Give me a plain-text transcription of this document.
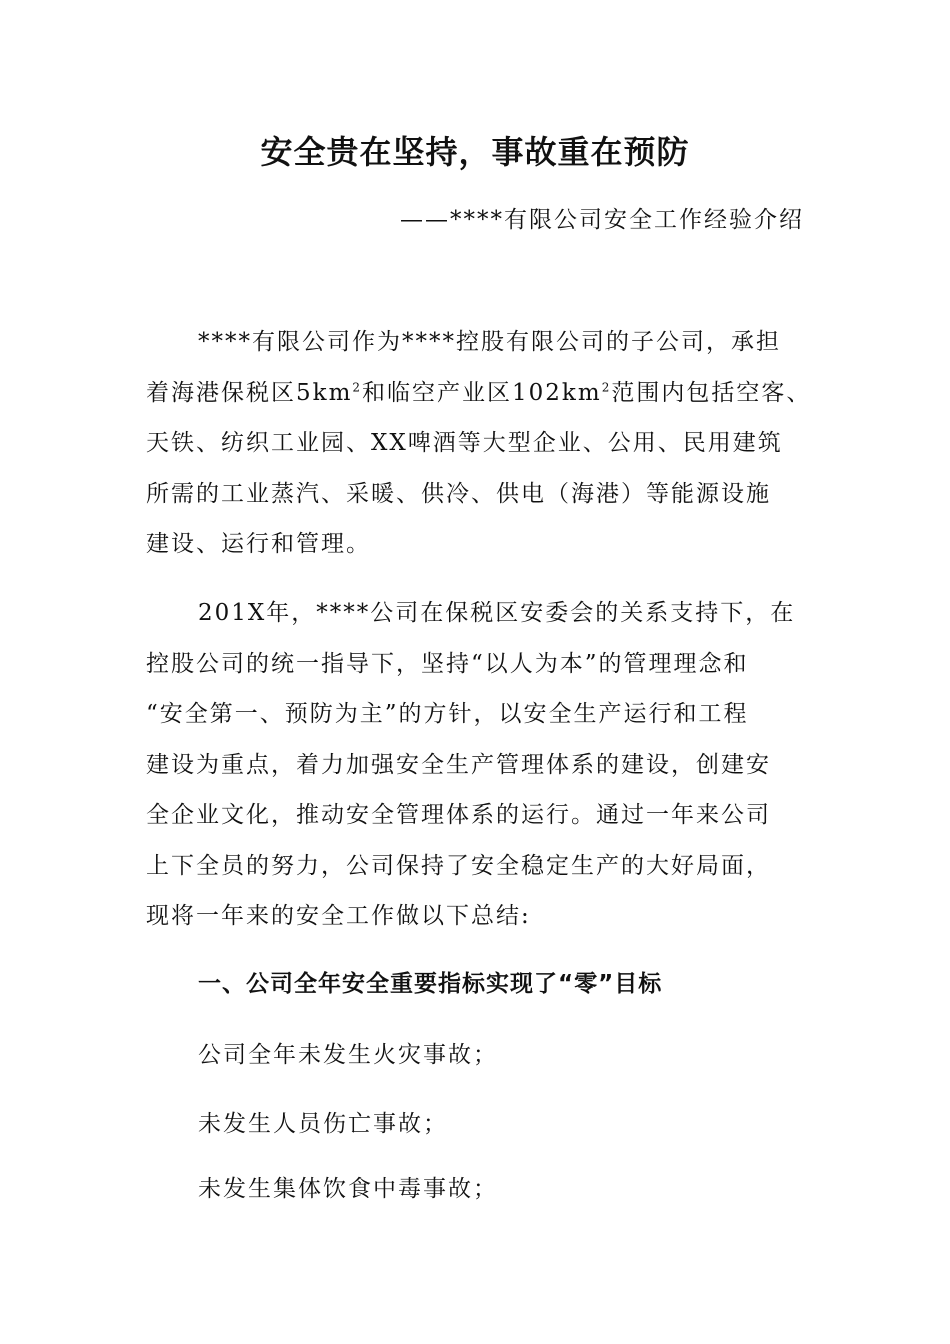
安全贵在坚持，事故重在预防
——****有限公司安全工作经验介绍
****有限公司作为****控股有限公司的子公司，承担
着海港保税区$5km^2$和临空产业区$102km^2$范围内包括空客、
天铁、纺织工业园、XX啤酒等大型企业、公用、民用建筑
所需的工业蒸汽、采暖、供冷、供电（海港）等能源设施
建设、运行和管理。
201X年，****公司在保税区安委会的关系支持下，在
控股公司的统一指导下，坚持“以人为本”的管理理念和
“安全第一、预防为主”的方针，以安全生产运行和工程
建设为重点，着力加强安全生产管理体系的建设，创建安
全企业文化，推动安全管理体系的运行。通过一年来公司
上下全员的努力，公司保持了安全稳定生产的大好局面，
现将一年来的安全工作做以下总结:
一、公司全年安全重要指标实现了“零”目标
公司全年未发生火灾事故；
未发生人员伤亡事故；
未发生集体饮食中毒事故；
